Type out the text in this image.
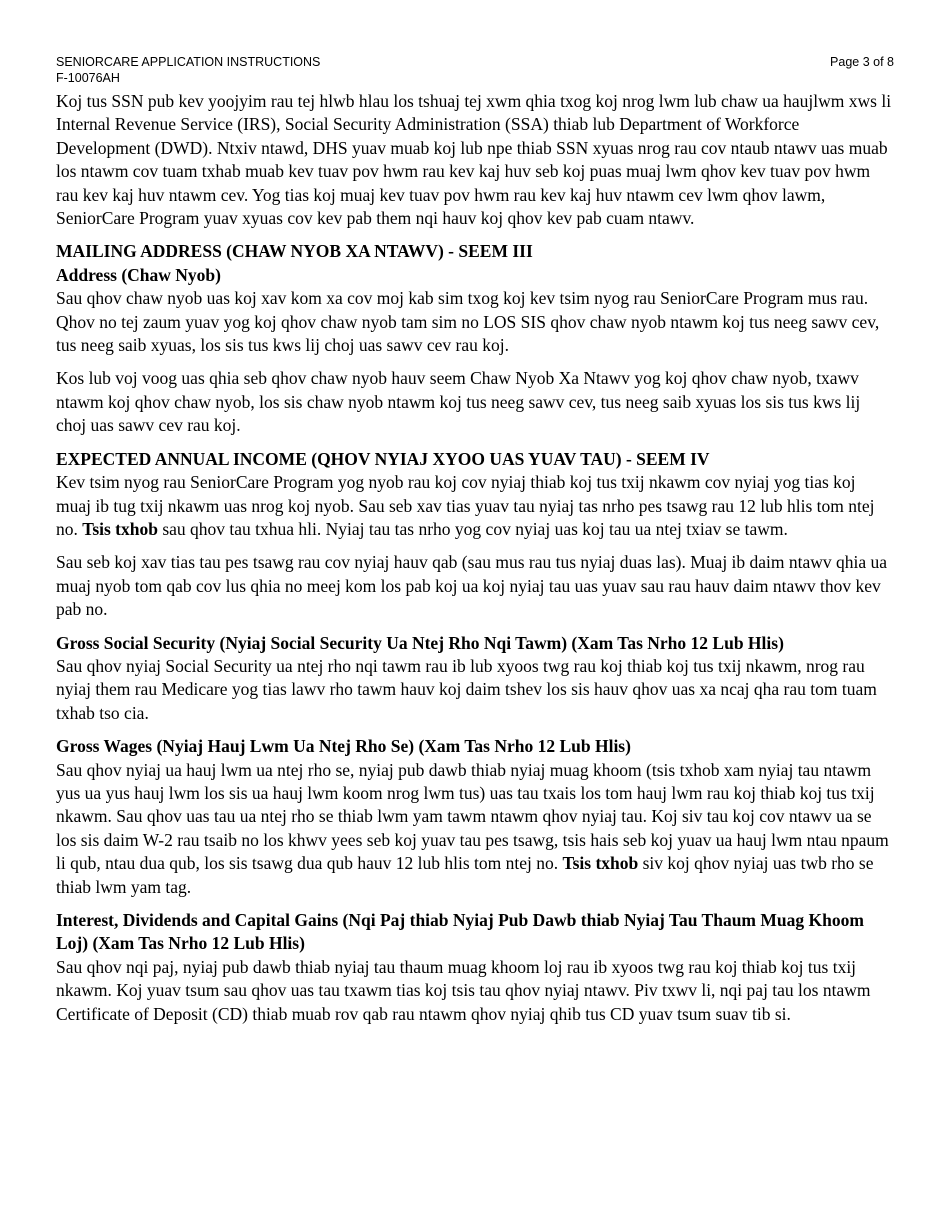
SENIORCARE APPLICATION INSTRUCTIONS
F-10076AH
Page 3 of 8

Koj tus SSN pub kev yoojyim rau tej hlwb hlau los tshuaj tej xwm qhia txog koj nrog lwm lub chaw ua haujlwm xws li Internal Revenue Service (IRS), Social Security Administration (SSA) thiab lub Department of Workforce Development (DWD). Ntxiv ntawd, DHS yuav muab koj lub npe thiab SSN xyuas nrog rau cov ntaub ntawv uas muab los ntawm cov tuam txhab muab kev tuav pov hwm rau kev kaj huv seb koj puas muaj lwm qhov kev tuav pov hwm rau kev kaj huv ntawm cev. Yog tias koj muaj kev tuav pov hwm rau kev kaj huv ntawm cev lwm qhov lawm, SeniorCare Program yuav xyuas cov kev pab them nqi hauv koj qhov kev pab cuam ntawv.

MAILING ADDRESS (CHAW NYOB XA NTAWV) - SEEM III
Address (Chaw Nyob)

Sau qhov chaw nyob uas koj xav kom xa cov moj kab sim txog koj kev tsim nyog rau SeniorCare Program mus rau. Qhov no tej zaum yuav yog koj qhov chaw nyob tam sim no LOS SIS qhov chaw nyob ntawm koj tus neeg sawv cev, tus neeg saib xyuas, los sis tus kws lij choj uas sawv cev rau koj.

Kos lub voj voog uas qhia seb qhov chaw nyob hauv seem Chaw Nyob Xa Ntawv yog koj qhov chaw nyob, txawv ntawm koj qhov chaw nyob, los sis chaw nyob ntawm koj tus neeg sawv cev, tus neeg saib xyuas los sis tus kws lij choj uas sawv cev rau koj.

EXPECTED ANNUAL INCOME (QHOV NYIAJ XYOO UAS YUAV TAU) - SEEM IV

Kev tsim nyog rau SeniorCare Program yog nyob rau koj cov nyiaj thiab koj tus txij nkawm cov nyiaj yog tias koj muaj ib tug txij nkawm uas nrog koj nyob. Sau seb xav tias yuav tau nyiaj tas nrho pes tsawg rau 12 lub hlis tom ntej no. Tsis txhob sau qhov tau txhua hli. Nyiaj tau tas nrho yog cov nyiaj uas koj tau ua ntej txiav se tawm.

Sau seb koj xav tias tau pes tsawg rau cov nyiaj hauv qab (sau mus rau tus nyiaj duas las). Muaj ib daim ntawv qhia ua muaj nyob tom qab cov lus qhia no meej kom los pab koj ua koj nyiaj tau uas yuav sau rau hauv daim ntawv thov kev pab no.

Gross Social Security (Nyiaj Social Security Ua Ntej Rho Nqi Tawm) (Xam Tas Nrho 12 Lub Hlis)

Sau qhov nyiaj Social Security ua ntej rho nqi tawm rau ib lub xyoos twg rau koj thiab koj tus txij nkawm, nrog rau nyiaj them rau Medicare yog tias lawv rho tawm hauv koj daim tshev los sis hauv qhov uas xa ncaj qha rau tom tuam txhab tso cia.

Gross Wages (Nyiaj Hauj Lwm Ua Ntej Rho Se) (Xam Tas Nrho 12 Lub Hlis)

Sau qhov nyiaj ua hauj lwm ua ntej rho se, nyiaj pub dawb thiab nyiaj muag khoom (tsis txhob xam nyiaj tau ntawm yus ua yus hauj lwm los sis ua hauj lwm koom nrog lwm tus) uas tau txais los tom hauj lwm rau koj thiab koj tus txij nkawm. Sau qhov uas tau ua ntej rho se thiab lwm yam tawm ntawm qhov nyiaj tau. Koj siv tau koj cov ntawv ua se los sis daim W-2 rau tsaib no los khwv yees seb koj yuav tau pes tsawg, tsis hais seb koj yuav ua hauj lwm ntau npaum li qub, ntau dua qub, los sis tsawg dua qub hauv 12 lub hlis tom ntej no. Tsis txhob siv koj qhov nyiaj uas twb rho se thiab lwm yam tag.

Interest, Dividends and Capital Gains (Nqi Paj thiab Nyiaj Pub Dawb thiab Nyiaj Tau Thaum Muag Khoom Loj) (Xam Tas Nrho 12 Lub Hlis)

Sau qhov nqi paj, nyiaj pub dawb thiab nyiaj tau thaum muag khoom loj rau ib xyoos twg rau koj thiab koj tus txij nkawm. Koj yuav tsum sau qhov uas tau txawm tias koj tsis tau qhov nyiaj ntawv. Piv txwv li, nqi paj tau los ntawm Certificate of Deposit (CD) thiab muab rov qab rau ntawm qhov nyiaj qhib tus CD yuav tsum suav tib si.
